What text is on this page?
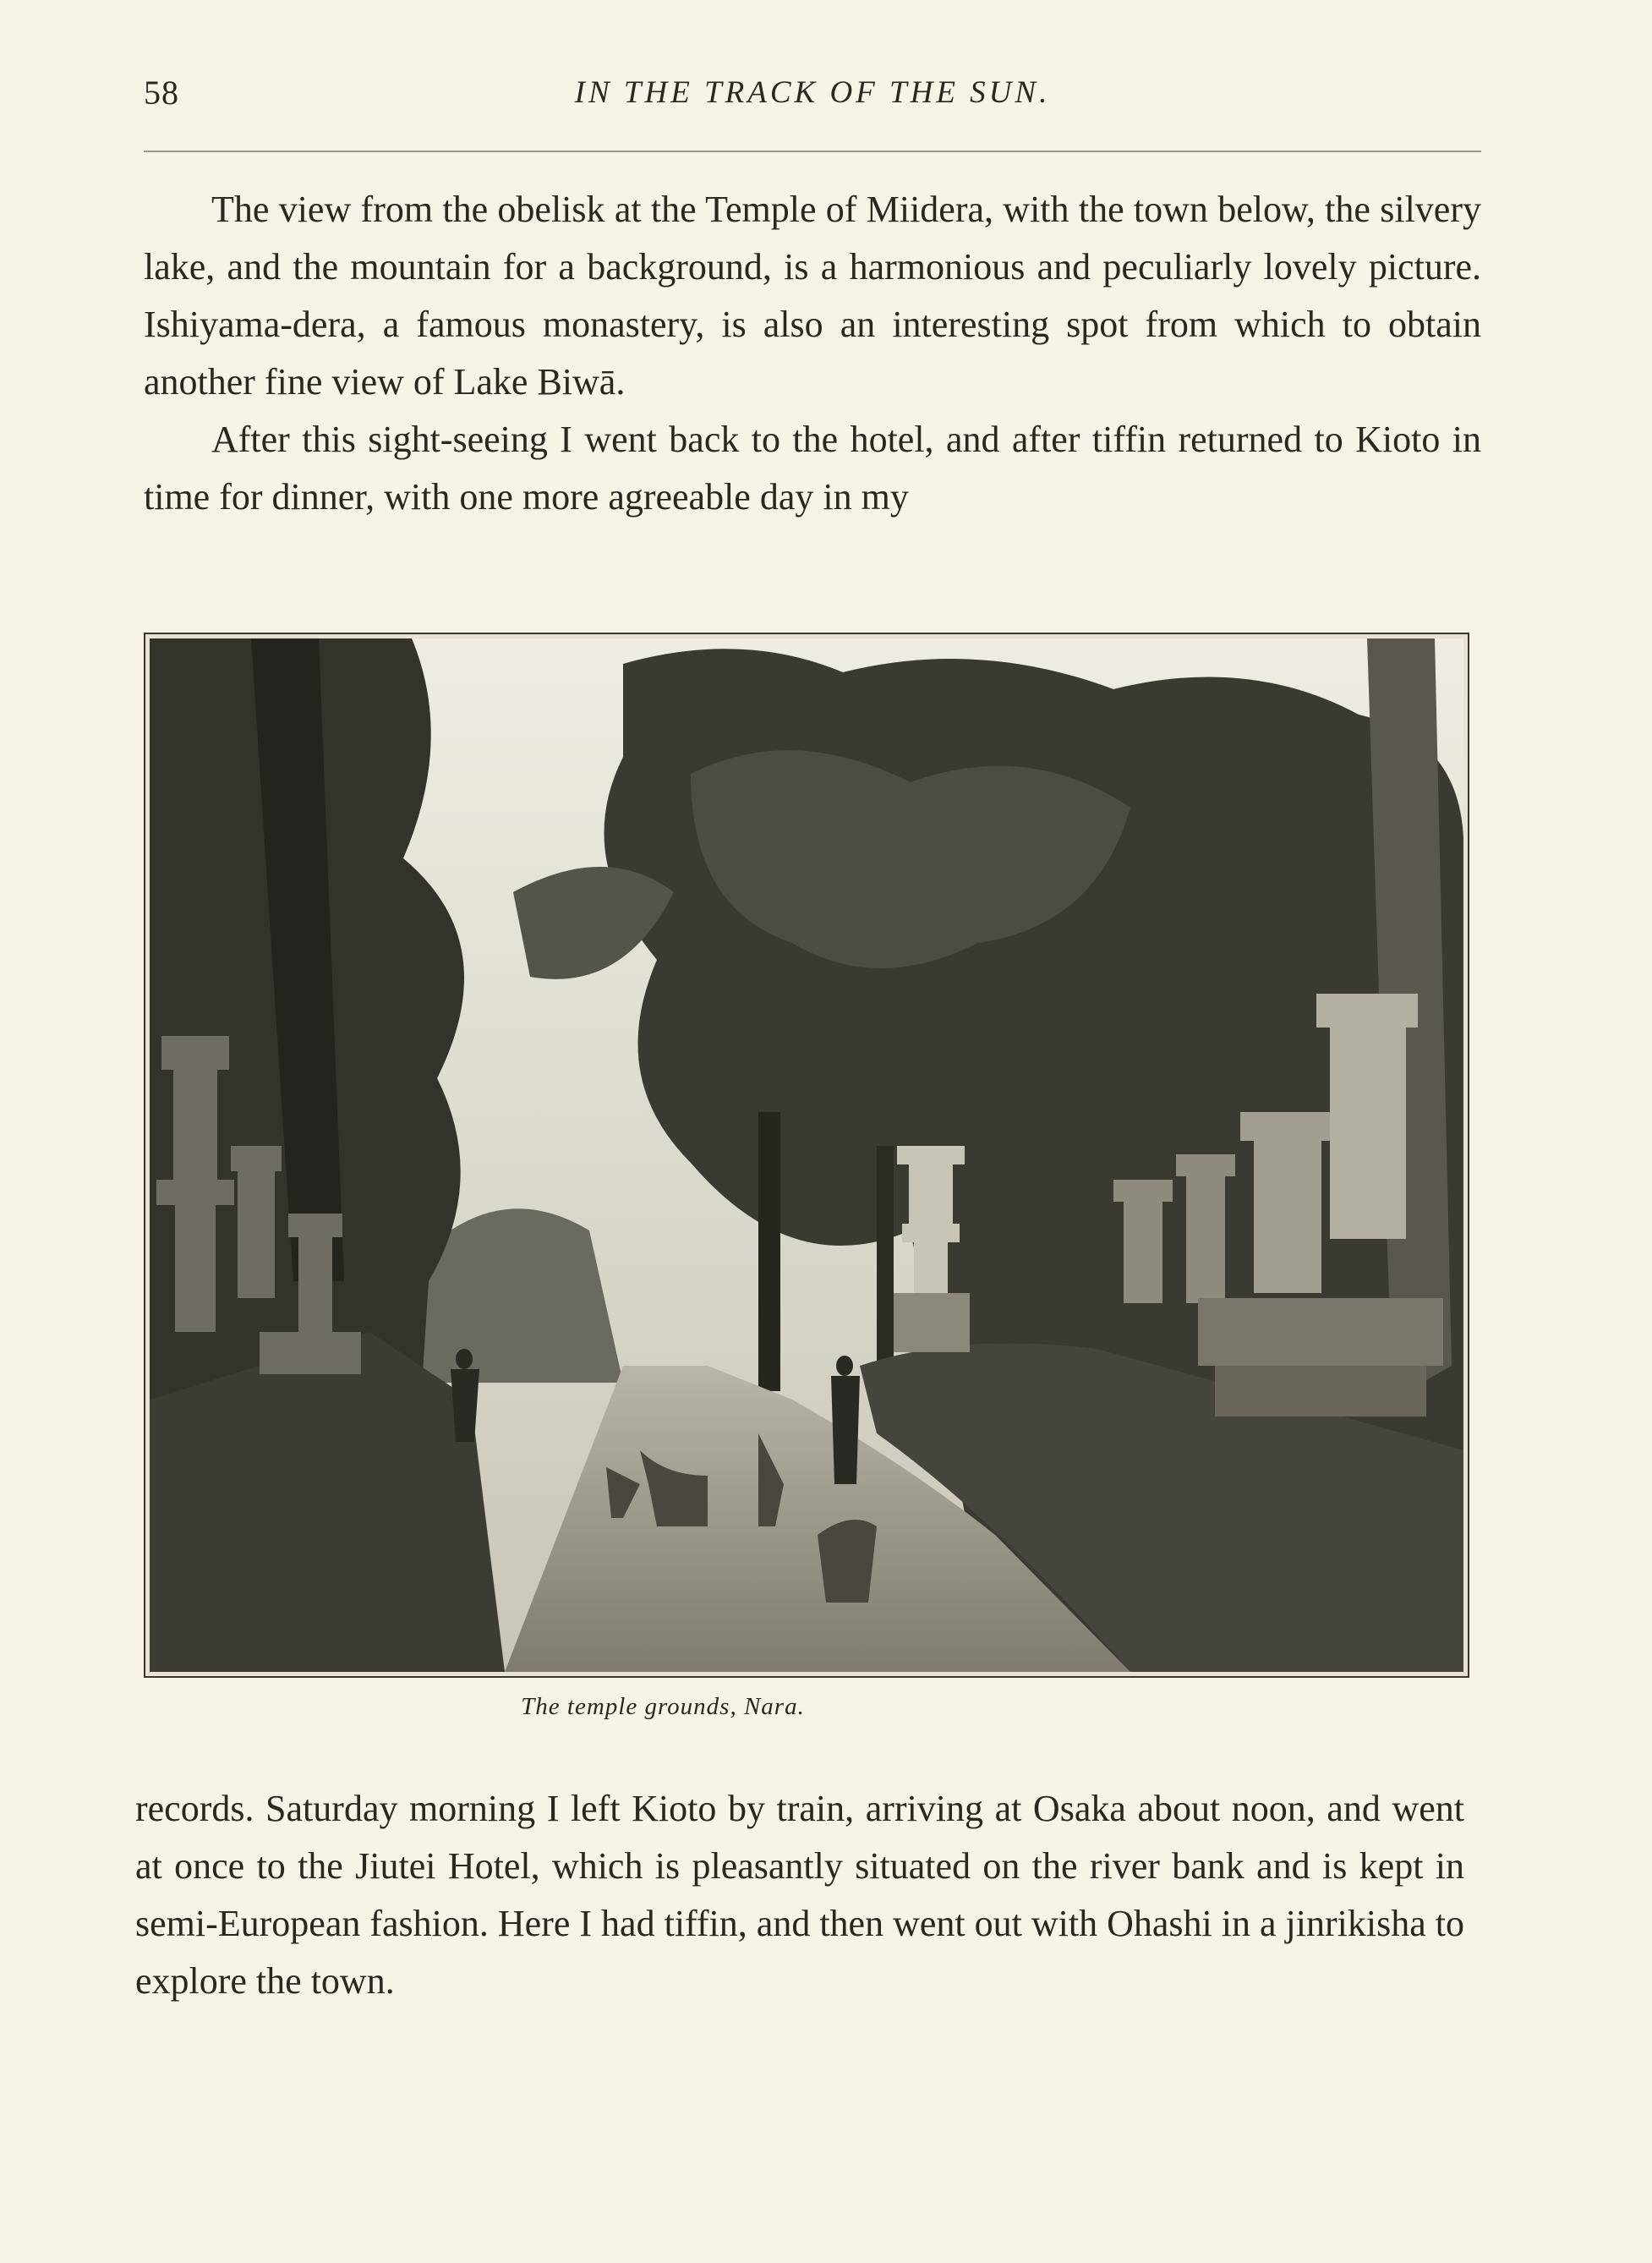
58	IN THE TRACK OF THE SUN.

The view from the obelisk at the Temple of Miidera, with the town below, the silvery lake, and the mountain for a background, is a harmonious and peculiarly lovely picture. Ishiyama-dera, a famous monastery, is also an interesting spot from which to obtain another fine view of Lake Biwā.

After this sight-seeing I went back to the hotel, and after tiffin returned to Kioto in time for dinner, with one more agreeable day in my

The temple grounds, Nara.

records. Saturday morning I left Kioto by train, arriving at Osaka about noon, and went at once to the Jiutei Hotel, which is pleasantly situated on the river bank and is kept in semi-European fashion. Here I had tiffin, and then went out with Ohashi in a jinrikisha to explore the town.
